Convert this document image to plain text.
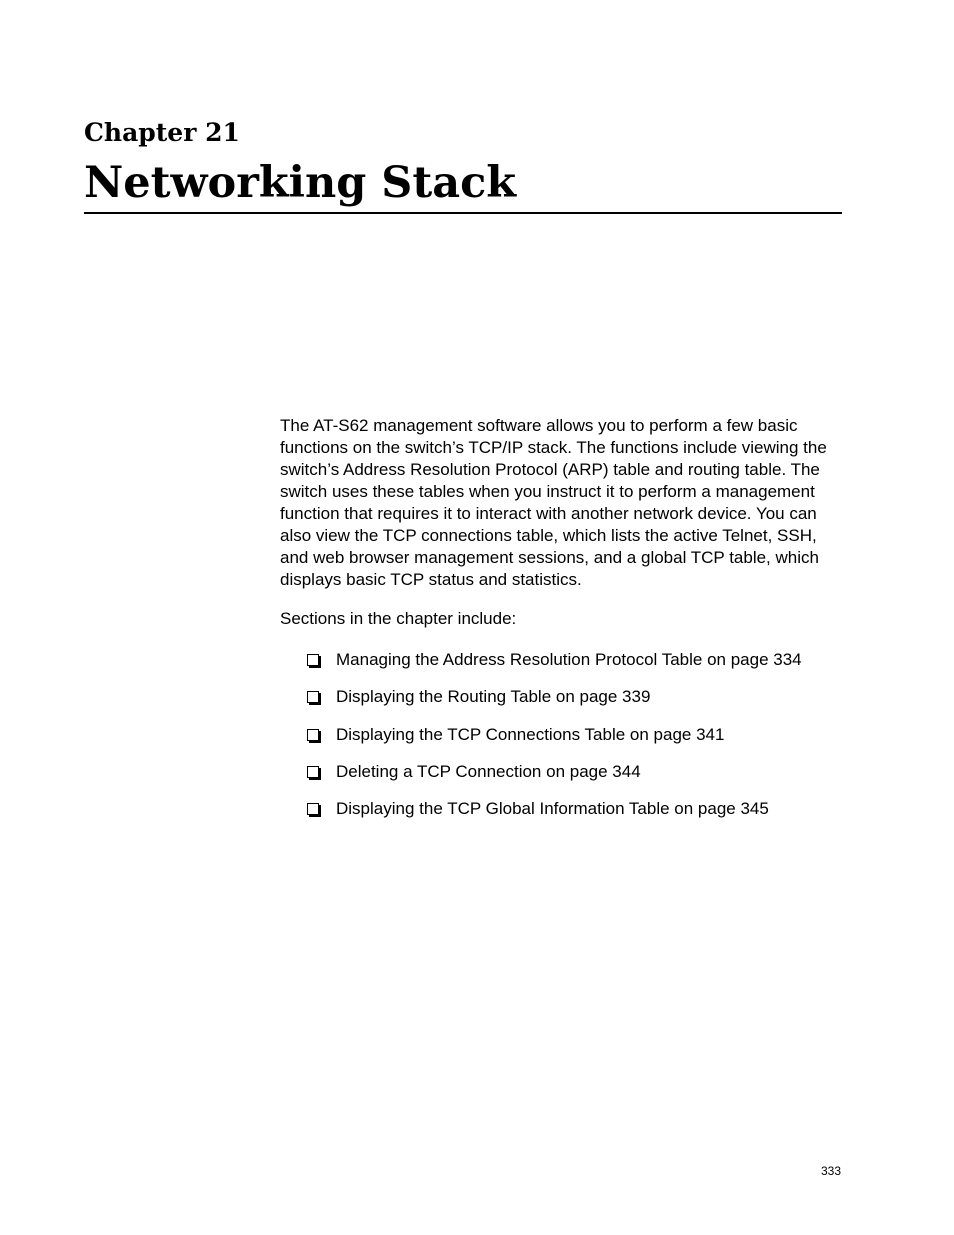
Chapter 21
Networking Stack

The AT-S62 management software allows you to perform a few basic functions on the switch’s TCP/IP stack. The functions include viewing the switch’s Address Resolution Protocol (ARP) table and routing table. The switch uses these tables when you instruct it to perform a management function that requires it to interact with another network device. You can also view the TCP connections table, which lists the active Telnet, SSH, and web browser management sessions, and a global TCP table, which displays basic TCP status and statistics.

Sections in the chapter include:

Managing the Address Resolution Protocol Table on page 334
Displaying the Routing Table on page 339
Displaying the TCP Connections Table on page 341
Deleting a TCP Connection on page 344
Displaying the TCP Global Information Table on page 345
333
